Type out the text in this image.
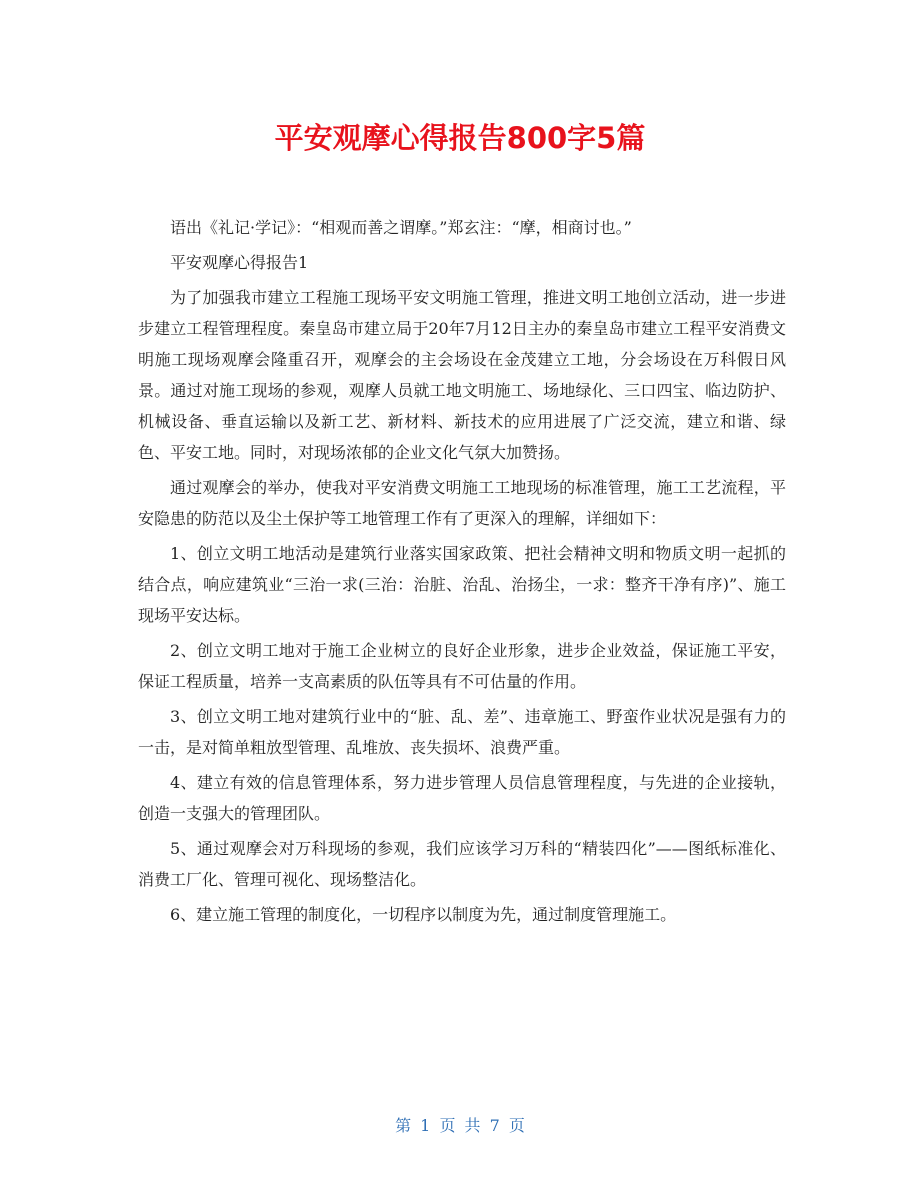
平安观摩心得报告800字5篇

语出《礼记·学记》：“相观而善之谓摩。”郑玄注：“摩，相商讨也。”

平安观摩心得报告1

为了加强我市建立工程施工现场平安文明施工管理，推进文明工地创立活动，进一步进步建立工程管理程度。秦皇岛市建立局于20年7月12日主办的秦皇岛市建立工程平安消费文明施工现场观摩会隆重召开，观摩会的主会场设在金茂建立工地，分会场设在万科假日风景。通过对施工现场的参观，观摩人员就工地文明施工、场地绿化、三口四宝、临边防护、机械设备、垂直运输以及新工艺、新材料、新技术的应用进展了广泛交流，建立和谐、绿色、平安工地。同时，对现场浓郁的企业文化气氛大加赞扬。

通过观摩会的举办，使我对平安消费文明施工工地现场的标准管理，施工工艺流程，平安隐患的防范以及尘土保护等工地管理工作有了更深入的理解，详细如下：

1、创立文明工地活动是建筑行业落实国家政策、把社会精神文明和物质文明一起抓的结合点，响应建筑业“三治一求(三治：治脏、治乱、治扬尘，一求：整齐干净有序)”、施工现场平安达标。

2、创立文明工地对于施工企业树立的良好企业形象，进步企业效益，保证施工平安，保证工程质量，培养一支高素质的队伍等具有不可估量的作用。

3、创立文明工地对建筑行业中的“脏、乱、差”、违章施工、野蛮作业状况是强有力的一击，是对简单粗放型管理、乱堆放、丧失损坏、浪费严重。

4、建立有效的信息管理体系，努力进步管理人员信息管理程度，与先进的企业接轨，创造一支强大的管理团队。

5、通过观摩会对万科现场的参观，我们应该学习万科的“精装四化”——图纸标准化、消费工厂化、管理可视化、现场整洁化。

6、建立施工管理的制度化，一切程序以制度为先，通过制度管理施工。

第 1 页 共 7 页
